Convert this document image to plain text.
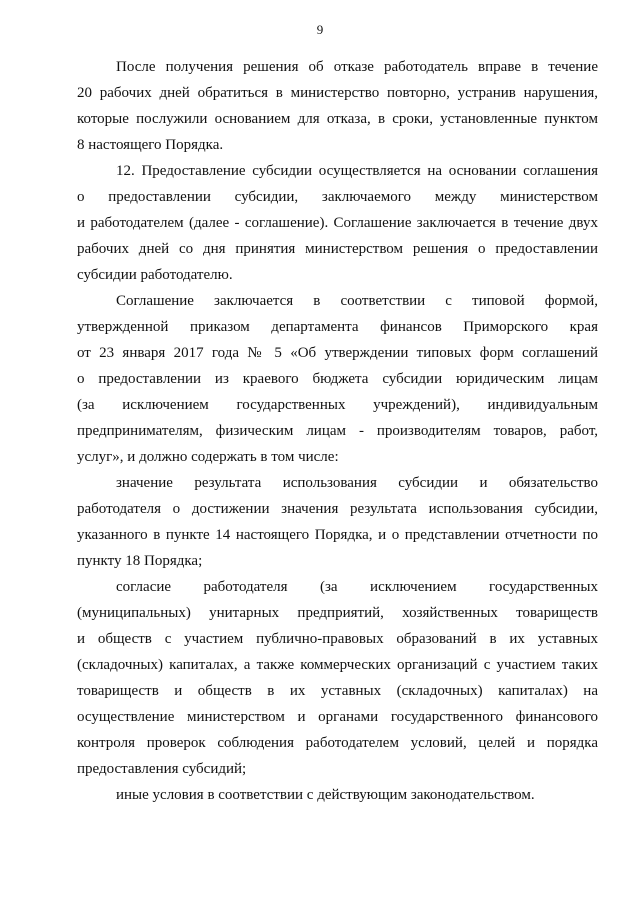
9

После получения решения об отказе работодатель вправе в течение
20 рабочих дней обратиться в министерство повторно, устранив нарушения,
которые послужили основанием для отказа, в сроки, установленные пунктом
8 настоящего Порядка.

12. Предоставление субсидии осуществляется на основании соглашения
о предоставлении субсидии, заключаемого между министерством
и работодателем (далее - соглашение). Соглашение заключается в течение двух
рабочих дней со дня принятия министерством решения о предоставлении
субсидии работодателю.

Соглашение заключается в соответствии с типовой формой,
утвержденной приказом департамента финансов Приморского края
от 23 января 2017 года № 5 «Об утверждении типовых форм соглашений
о предоставлении из краевого бюджета субсидии юридическим лицам
(за исключением государственных учреждений), индивидуальным
предпринимателям, физическим лицам - производителям товаров, работ,
услуг», и должно содержать в том числе:

значение результата использования субсидии и обязательство
работодателя о достижении значения результата использования субсидии,
указанного в пункте 14 настоящего Порядка, и о представлении отчетности по
пункту 18 Порядка;

согласие работодателя (за исключением государственных
(муниципальных) унитарных предприятий, хозяйственных товариществ
и обществ с участием публично-правовых образований в их уставных
(складочных) капиталах, а также коммерческих организаций с участием таких
товариществ и обществ в их уставных (складочных) капиталах) на
осуществление министерством и органами государственного финансового
контроля проверок соблюдения работодателем условий, целей и порядка
предоставления субсидий;

иные условия в соответствии с действующим законодательством.
